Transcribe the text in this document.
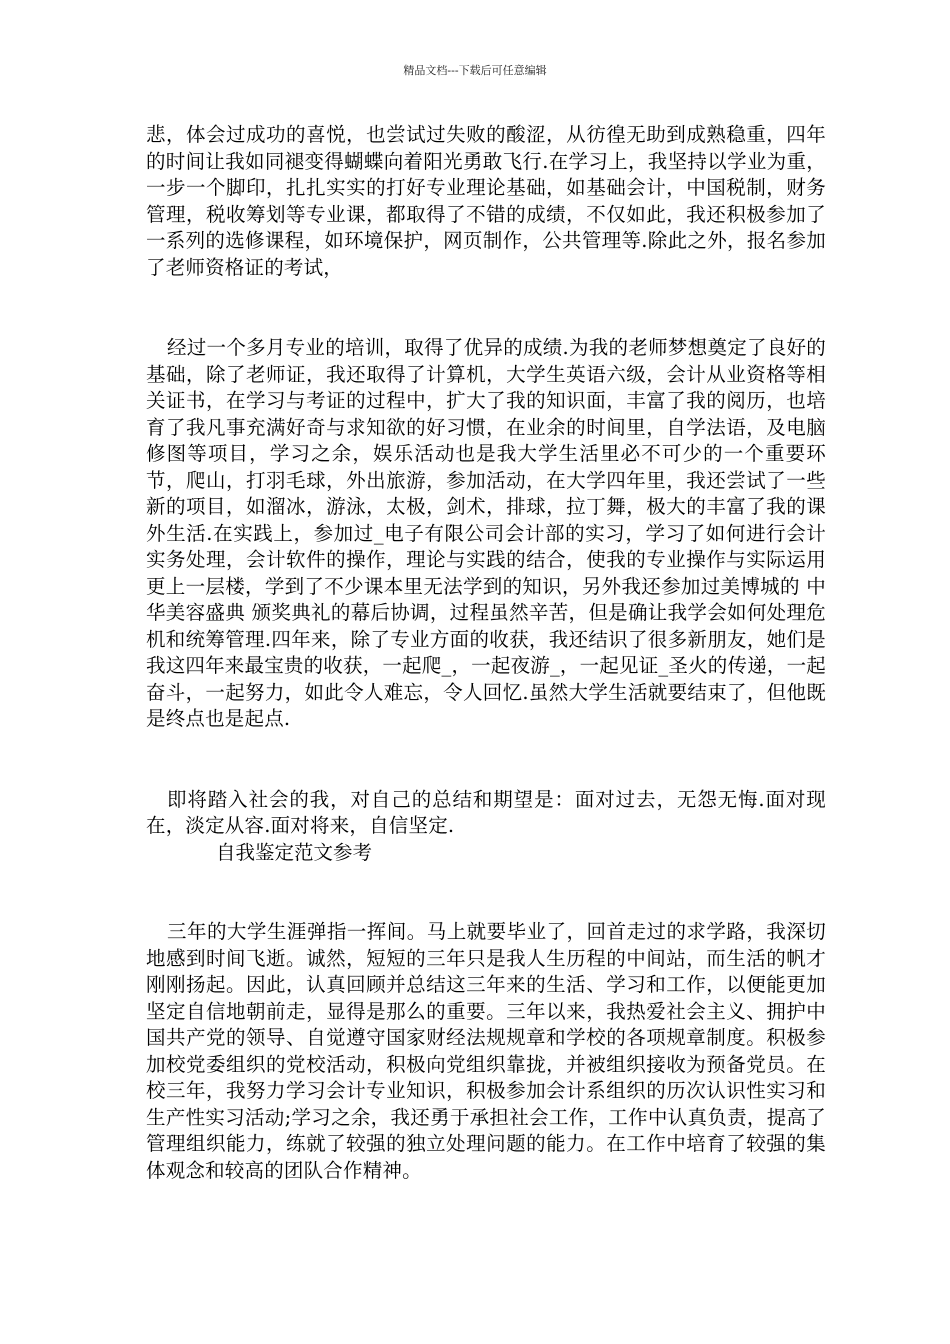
精品文档---下载后可任意编辑

悲，体会过成功的喜悦，也尝试过失败的酸涩，从彷徨无助到成熟稳重，四年的时间让我如同褪变得蝴蝶向着阳光勇敢飞行.在学习上，我坚持以学业为重，一步一个脚印，扎扎实实的打好专业理论基础，如基础会计，中国税制，财务管理，税收筹划等专业课，都取得了不错的成绩，不仅如此，我还积极参加了一系列的选修课程，如环境保护，网页制作，公共管理等.除此之外，报名参加了老师资格证的考试，

经过一个多月专业的培训，取得了优异的成绩.为我的老师梦想奠定了良好的基础，除了老师证，我还取得了计算机，大学生英语六级，会计从业资格等相关证书，在学习与考证的过程中，扩大了我的知识面，丰富了我的阅历，也培育了我凡事充满好奇与求知欲的好习惯，在业余的时间里，自学法语，及电脑修图等项目，学习之余，娱乐活动也是我大学生活里必不可少的一个重要环节，爬山，打羽毛球，外出旅游，参加活动，在大学四年里，我还尝试了一些新的项目，如溜冰，游泳，太极，剑术，排球，拉丁舞，极大的丰富了我的课外生活.在实践上，参加过_电子有限公司会计部的实习，学习了如何进行会计实务处理，会计软件的操作，理论与实践的结合，使我的专业操作与实际运用更上一层楼，学到了不少课本里无法学到的知识，另外我还参加过美博城的 中华美容盛典 颁奖典礼的幕后协调，过程虽然辛苦，但是确让我学会如何处理危机和统筹管理.四年来，除了专业方面的收获，我还结识了很多新朋友，她们是我这四年来最宝贵的收获，一起爬_，一起夜游_，一起见证_圣火的传递，一起奋斗，一起努力，如此令人难忘，令人回忆.虽然大学生活就要结束了，但他既是终点也是起点.

即将踏入社会的我，对自己的总结和期望是：面对过去，无怨无悔.面对现在，淡定从容.面对将来，自信坚定.

自我鉴定范文参考

三年的大学生涯弹指一挥间。马上就要毕业了，回首走过的求学路，我深切地感到时间飞逝。诚然，短短的三年只是我人生历程的中间站，而生活的帆才刚刚扬起。因此，认真回顾并总结这三年来的生活、学习和工作，以便能更加坚定自信地朝前走，显得是那么的重要。三年以来，我热爱社会主义、拥护中国共产党的领导、自觉遵守国家财经法规规章和学校的各项规章制度。积极参加校党委组织的党校活动，积极向党组织靠拢，并被组织接收为预备党员。在校三年，我努力学习会计专业知识，积极参加会计系组织的历次认识性实习和生产性实习活动;学习之余，我还勇于承担社会工作，工作中认真负责，提高了管理组织能力，练就了较强的独立处理问题的能力。在工作中培育了较强的集体观念和较高的团队合作精神。
